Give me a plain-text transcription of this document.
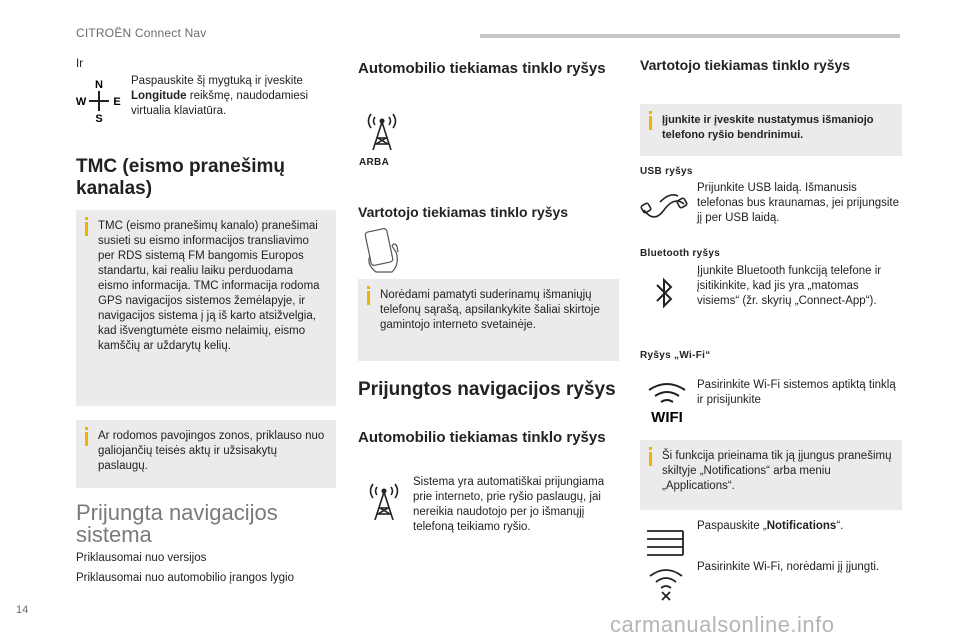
CITROËN Connect Nav
Ir
N
W E
S
Paspauskite šį mygtuką ir įveskite Longitude reikšmę, naudodamiesi virtualia klaviatūra.
TMC (eismo pranešimų kanalas)
TMC (eismo pranešimų kanalo) pranešimai susieti su eismo informacijos transliavimo per RDS sistemą FM bangomis Europos standartu, kai realiu laiku perduodama eismo informacija. TMC informacija rodoma GPS navigacijos sistemos žemėlapyje, ir navigacijos sistema į ją iš karto atsižvelgia, kad išvengtumėte eismo nelaimių, eismo kamščių ar uždarytų kelių.
Ar rodomos pavojingos zonos, priklauso nuo galiojančių teisės aktų ir užsisakytų paslaugų.
Prijungta navigacijos sistema
Priklausomai nuo versijos
Priklausomai nuo automobilio įrangos lygio
Automobilio tiekiamas tinklo ryšys
ARBA
Vartotojo tiekiamas tinklo ryšys
Norėdami pamatyti suderinamų išmaniųjų telefonų sąrašą, apsilankykite šaliai skirtoje gamintojo interneto svetainėje.
Prijungtos navigacijos ryšys
Automobilio tiekiamas tinklo ryšys
Sistema yra automatiškai prijungiama prie interneto, prie ryšio paslaugų, jai nereikia naudotojo per jo išmanųjį telefoną teikiamo ryšio.
Vartotojo tiekiamas tinklo ryšys
Įjunkite ir įveskite nustatymus išmaniojo telefono ryšio bendrinimui.
USB ryšys
Prijunkite USB laidą. Išmanusis telefonas bus kraunamas, jei prijungsite jį per USB laidą.
Bluetooth ryšys
Įjunkite Bluetooth funkciją telefone ir įsitikinkite, kad jis yra „matomas visiems“ (žr. skyrių „Connect-App“).
Ryšys „Wi-Fi“
WIFI
Pasirinkite Wi-Fi sistemos aptiktą tinklą ir prisijunkite
Ši funkcija prieinama tik ją įjungus pranešimų skiltyje „Notifications“ arba meniu „Applications“.
Paspauskite „Notifications“.
Pasirinkite Wi-Fi, norėdami jį įjungti.
14
carmanualsonline.info
